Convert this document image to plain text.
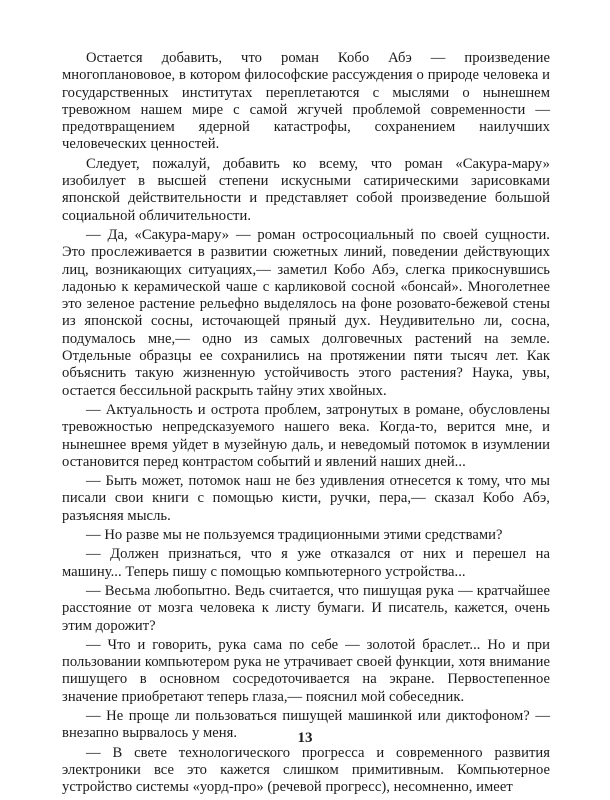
Остается добавить, что роман Кобо Абэ — произведение многопланововое, в котором философские рассуждения о природе человека и государственных институтах переплетаются с мыслями о нынешнем тревожном нашем мире с самой жгучей проблемой современности — предотвращением ядерной катастрофы, сохранением наилучших человеческих ценностей.

Следует, пожалуй, добавить ко всему, что роман «Сакура-мару» изобилует в высшей степени искусными сатирическими зарисовками японской действительности и представляет собой произведение большой социальной обличительности.

— Да, «Сакура-мару» — роман остросоциальный по своей сущности. Это прослеживается в развитии сюжетных линий, поведении действующих лиц, возникающих ситуациях,— заметил Кобо Абэ, слегка прикоснувшись ладонью к керамической чаше с карликовой сосной «бонсай». Многолетнее это зеленое растение рельефно выделялось на фоне розовато-бежевой стены из японской сосны, источающей пряный дух. Неудивительно ли, сосна, подумалось мне,— одно из самых долговечных растений на земле. Отдельные образцы ее сохранились на протяжении пяти тысяч лет. Как объяснить такую жизненную устойчивость этого растения? Наука, увы, остается бессильной раскрыть тайну этих хвойных.

— Актуальность и острота проблем, затронутых в романе, обусловлены тревожностью непредсказуемого нашего века. Когда-то, верится мне, и нынешнее время уйдет в музейную даль, и неведомый потомок в изумлении остановится перед контрастом событий и явлений наших дней...

— Быть может, потомок наш не без удивления отнесется к тому, что мы писали свои книги с помощью кисти, ручки, пера,— сказал Кобо Абэ, разъясняя мысль.

— Но разве мы не пользуемся традиционными этими средствами?

— Должен признаться, что я уже отказался от них и перешел на машину... Теперь пишу с помощью компьютерного устройства...

— Весьма любопытно. Ведь считается, что пишущая рука — кратчайшее расстояние от мозга человека к листу бумаги. И писатель, кажется, очень этим дорожит?

— Что и говорить, рука сама по себе — золотой браслет... Но и при пользовании компьютером рука не утрачивает своей функции, хотя внимание пишущего в основном сосредоточивается на экране. Первостепенное значение приобретают теперь глаза,— пояснил мой собеседник.

— Не проще ли пользоваться пишущей машинкой или диктофоном? — внезапно вырвалось у меня.

— В свете технологического прогресса и современного развития электроники все это кажется слишком примитивным. Компьютерное устройство системы «уорд-про» (речевой прогресс), несомненно, имеет

13
